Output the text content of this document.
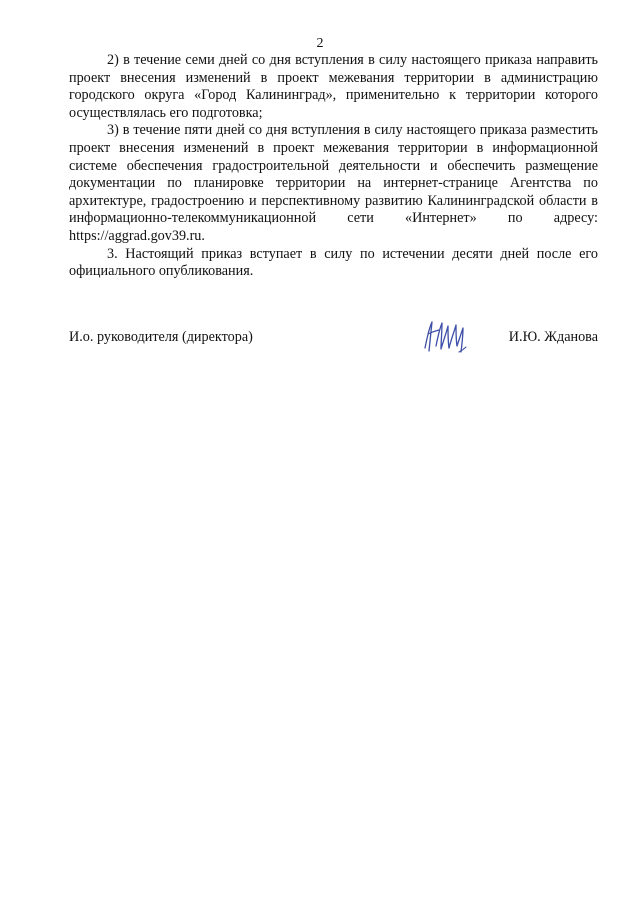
2

2) в течение семи дней со дня вступления в силу настоящего приказа направить проект внесения изменений в проект межевания территории в администрацию городского округа «Город Калининград», применительно к территории которого осуществлялась его подготовка;

3) в течение пяти дней со дня вступления в силу настоящего приказа разместить проект внесения изменений в проект межевания территории в информационной системе обеспечения градостроительной деятельности и обеспечить размещение документации по планировке территории на интернет-странице Агентства по архитектуре, градостроению и перспективному развитию Калининградской области в информационно-телекоммуникационной сети «Интернет» по адресу: https://aggrad.gov39.ru.

3. Настоящий приказ вступает в силу по истечении десяти дней после его официального опубликования.

И.о. руководителя (директора)	И.Ю. Жданова
